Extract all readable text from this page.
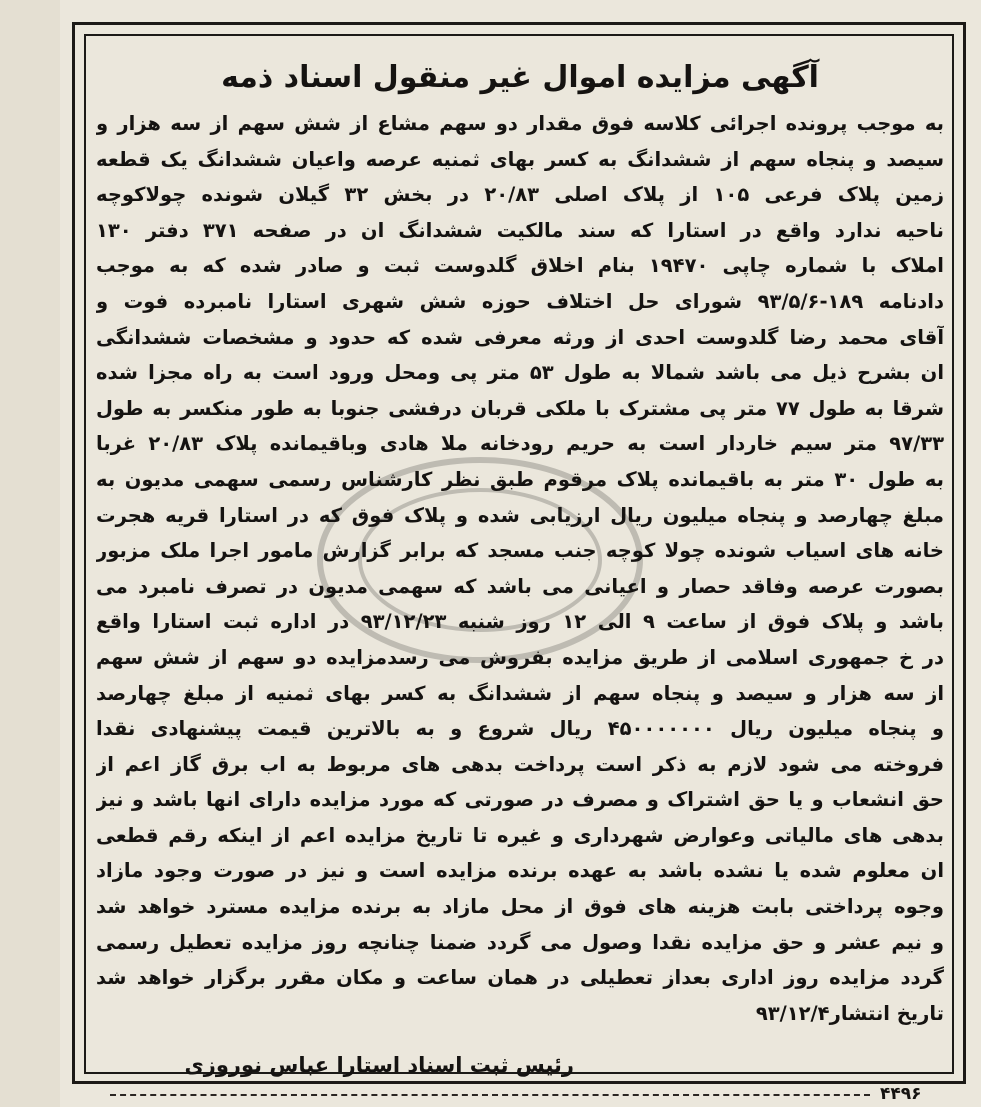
آگهی مزایده اموال غیر منقول اسناد ذمه
به موجب پرونده اجرائی کلاسه فوق مقدار دو سهم مشاع از شش سهم از سه هزار و
سیصد و پنجاه سهم از ششدانگ به کسر بهای ثمنیه عرصه واعیان ششدانگ یک قطعه
زمین پلاک فرعی ۱۰۵ از پلاک اصلی ۲۰/۸۳ در بخش ۳۲ گیلان شونده چولاکوچه
ناحیه ندارد واقع در استارا که سند مالکیت ششدانگ ان در صفحه ۳۷۱ دفتر ۱۳۰
املاک با شماره چاپی ۱۹۴۷۰ بنام اخلاق گلدوست ثبت و صادر شده که به موجب
دادنامه ۱۸۹-۹۳/۵/۶ شورای حل اختلاف حوزه شش شهری استارا نامبرده فوت و
آقای محمد رضا گلدوست احدی از ورثه معرفی شده که حدود و مشخصات ششدانگی
ان بشرح ذیل می باشد شمالا به طول ۵۳ متر پی ومحل ورود است به راه مجزا شده
شرقا به طول ۷۷ متر پی مشترک با ملکی قربان درفشی جنوبا به طور منکسر به طول
۹۷/۳۳ متر سیم خاردار است به حریم رودخانه ملا هادی وباقیمانده پلاک ۲۰/۸۳ غربا
به طول ۳۰ متر به باقیمانده پلاک مرقوم طبق نظر کارشناس رسمی سهمی مدیون به
مبلغ چهارصد و پنجاه میلیون ریال ارزیابی شده و پلاک فوق که در استارا قریه هجرت
خانه های اسیاب شونده چولا کوچه جنب مسجد که برابر گزارش مامور اجرا ملک مزبور
بصورت عرصه وفاقد حصار و اعیانی می باشد که سهمی مدیون در تصرف نامبرد می
باشد و پلاک فوق از ساعت ۹ الی ۱۲ روز شنبه ۹۳/۱۲/۲۳ در اداره ثبت استارا واقع
در خ جمهوری اسلامی از طریق مزایده بفروش می رسدمزایده دو سهم از شش سهم
از سه هزار و سیصد و پنجاه سهم از ششدانگ به کسر بهای ثمنیه از مبلغ چهارصد
و پنجاه میلیون ریال ۴۵۰۰۰۰۰۰۰ ریال شروع و به بالاترین قیمت پیشنهادی نقدا
فروخته می شود لازم به ذکر است پرداخت بدهی های مربوط به اب برق گاز اعم از
حق انشعاب و یا حق اشتراک و مصرف در صورتی که مورد مزایده دارای انها باشد و نیز
بدهی های مالیاتی وعوارض شهرداری و غیره تا تاریخ مزایده اعم از اینکه رقم قطعی
ان معلوم شده یا نشده باشد به عهده برنده مزایده است و نیز در صورت وجود مازاد
وجوه پرداختی بابت هزینه های فوق از محل مازاد به برنده مزایده مسترد خواهد شد
و نیم عشر و حق مزایده نقدا وصول می گردد ضمنا چنانچه روز مزایده تعطیل رسمی
گردد مزایده روز اداری بعداز تعطیلی در همان ساعت و مکان مقرر برگزار خواهد شد
تاریخ انتشار۹۳/۱۲/۴
رئیس ثبت اسناد استارا عباس نوروزی
۴۴۹۶
